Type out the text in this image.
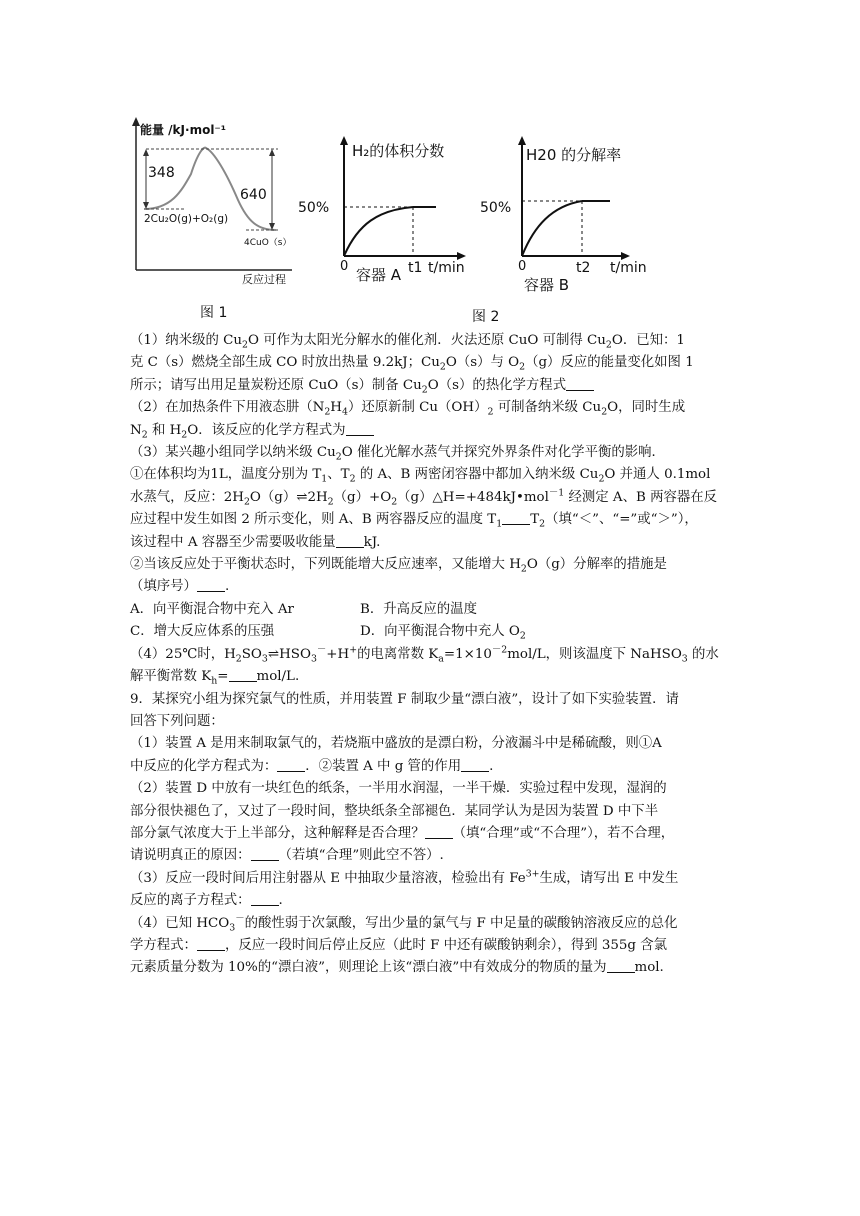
能量 /kJ·mol⁻¹
348
640
2Cu₂O(g)+O₂(g)
4CuO（s）
反应过程
图 1
H₂的体积分数
50%
0	t1 t/min
容器 A
H20 的分解率
50%
0	t2 t/min
容器 B
图 2

（1）纳米级的 $Cu_2O$ 可作为太阳光分解水的催化剂．火法还原 CuO 可制得 $Cu_2O$．已知：1

克 C（s）燃烧全部生成 CO 时放出热量 9.2kJ；$Cu_2O(s)$与 $O_2(g)$反应的能量变化如图 1

所示；请写出用足量炭粉还原 CuO（s）制备 $Cu_2O(s)$的热化学方程式

（2）在加热条件下用液态肼$(N_2H_4)$还原新制 $Cu(OH)_2$ 可制备纳米级 $Cu_2O$，同时生成

$N_2$ 和 $H_2O$．该反应的化学方程式为

（3）某兴趣小组同学以纳米级 $Cu_2O$ 催化光解水蒸气并探究外界条件对化学平衡的影响．

①在体积均为1L，温度分别为 $T_1$、$T_2$ 的 A、B 两密闭容器中都加入纳米级 $Cu_2O$ 并通人 0.1mol

水蒸气，反应：$2H_2O(g)\rightleftharpoons 2H_2(g)+O_2(g)\triangle H=+484kJ•mol^{-1}$ 经测定 A、B 两容器在反

应过程中发生如图 2 所示变化，则 A、B 两容器反应的温度 $T_1$ $T_2$（填“＜”、“=”或“＞”），

该过程中 A 容器至少需要吸收能量 kJ.

②当该反应处于平衡状态时，下列既能增大反应速率，又能增大 $H_2O(g)$分解率的措施是

（填序号） .

A．向平衡混合物中充入 Ar	B．升高反应的温度

C．增大反应体系的压强	D．向平衡混合物中充人 $O_2$

（4）25℃时，$H_2SO_3\rightleftharpoons HSO_3^-+H^+$的电离常数 $K_a=1\times 10^{-2}mol/L$，则该温度下 NaHSO$_3$ 的水

解平衡常数 $K_h= mol/L$.

9．某探究小组为探究氯气的性质，并用装置 F 制取少量“漂白液”，设计了如下实验装置．请

回答下列问题：

（1）装置 A 是用来制取氯气的，若烧瓶中盛放的是漂白粉，分液漏斗中是稀硫酸，则①A

中反应的化学方程式为： ．②装置 A 中 g 管的作用 .

（2）装置 D 中放有一块红色的纸条，一半用水润湿，一半干燥．实验过程中发现，湿润的

部分很快褪色了，又过了一段时间，整块纸条全部褪色．某同学认为是因为装置 D 中下半

部分氯气浓度大于上半部分，这种解释是否合理？ （填“合理”或“不合理”），若不合理，

请说明真正的原因： （若填“合理”则此空不答）.

（3）反应一段时间后用注射器从 E 中抽取少量溶液，检验出有 $Fe^{3+}$生成，请写出 E 中发生

反应的离子方程式： .

（4）已知 $HCO_3^-$的酸性弱于次氯酸，写出少量的氯气与 F 中足量的碳酸钠溶液反应的总化

学方程式： ，反应一段时间后停止反应（此时 F 中还有碳酸钠剩余），得到 355g 含氯

元素质量分数为 10%的“漂白液”，则理论上该“漂白液”中有效成分的物质的量为 mol.
